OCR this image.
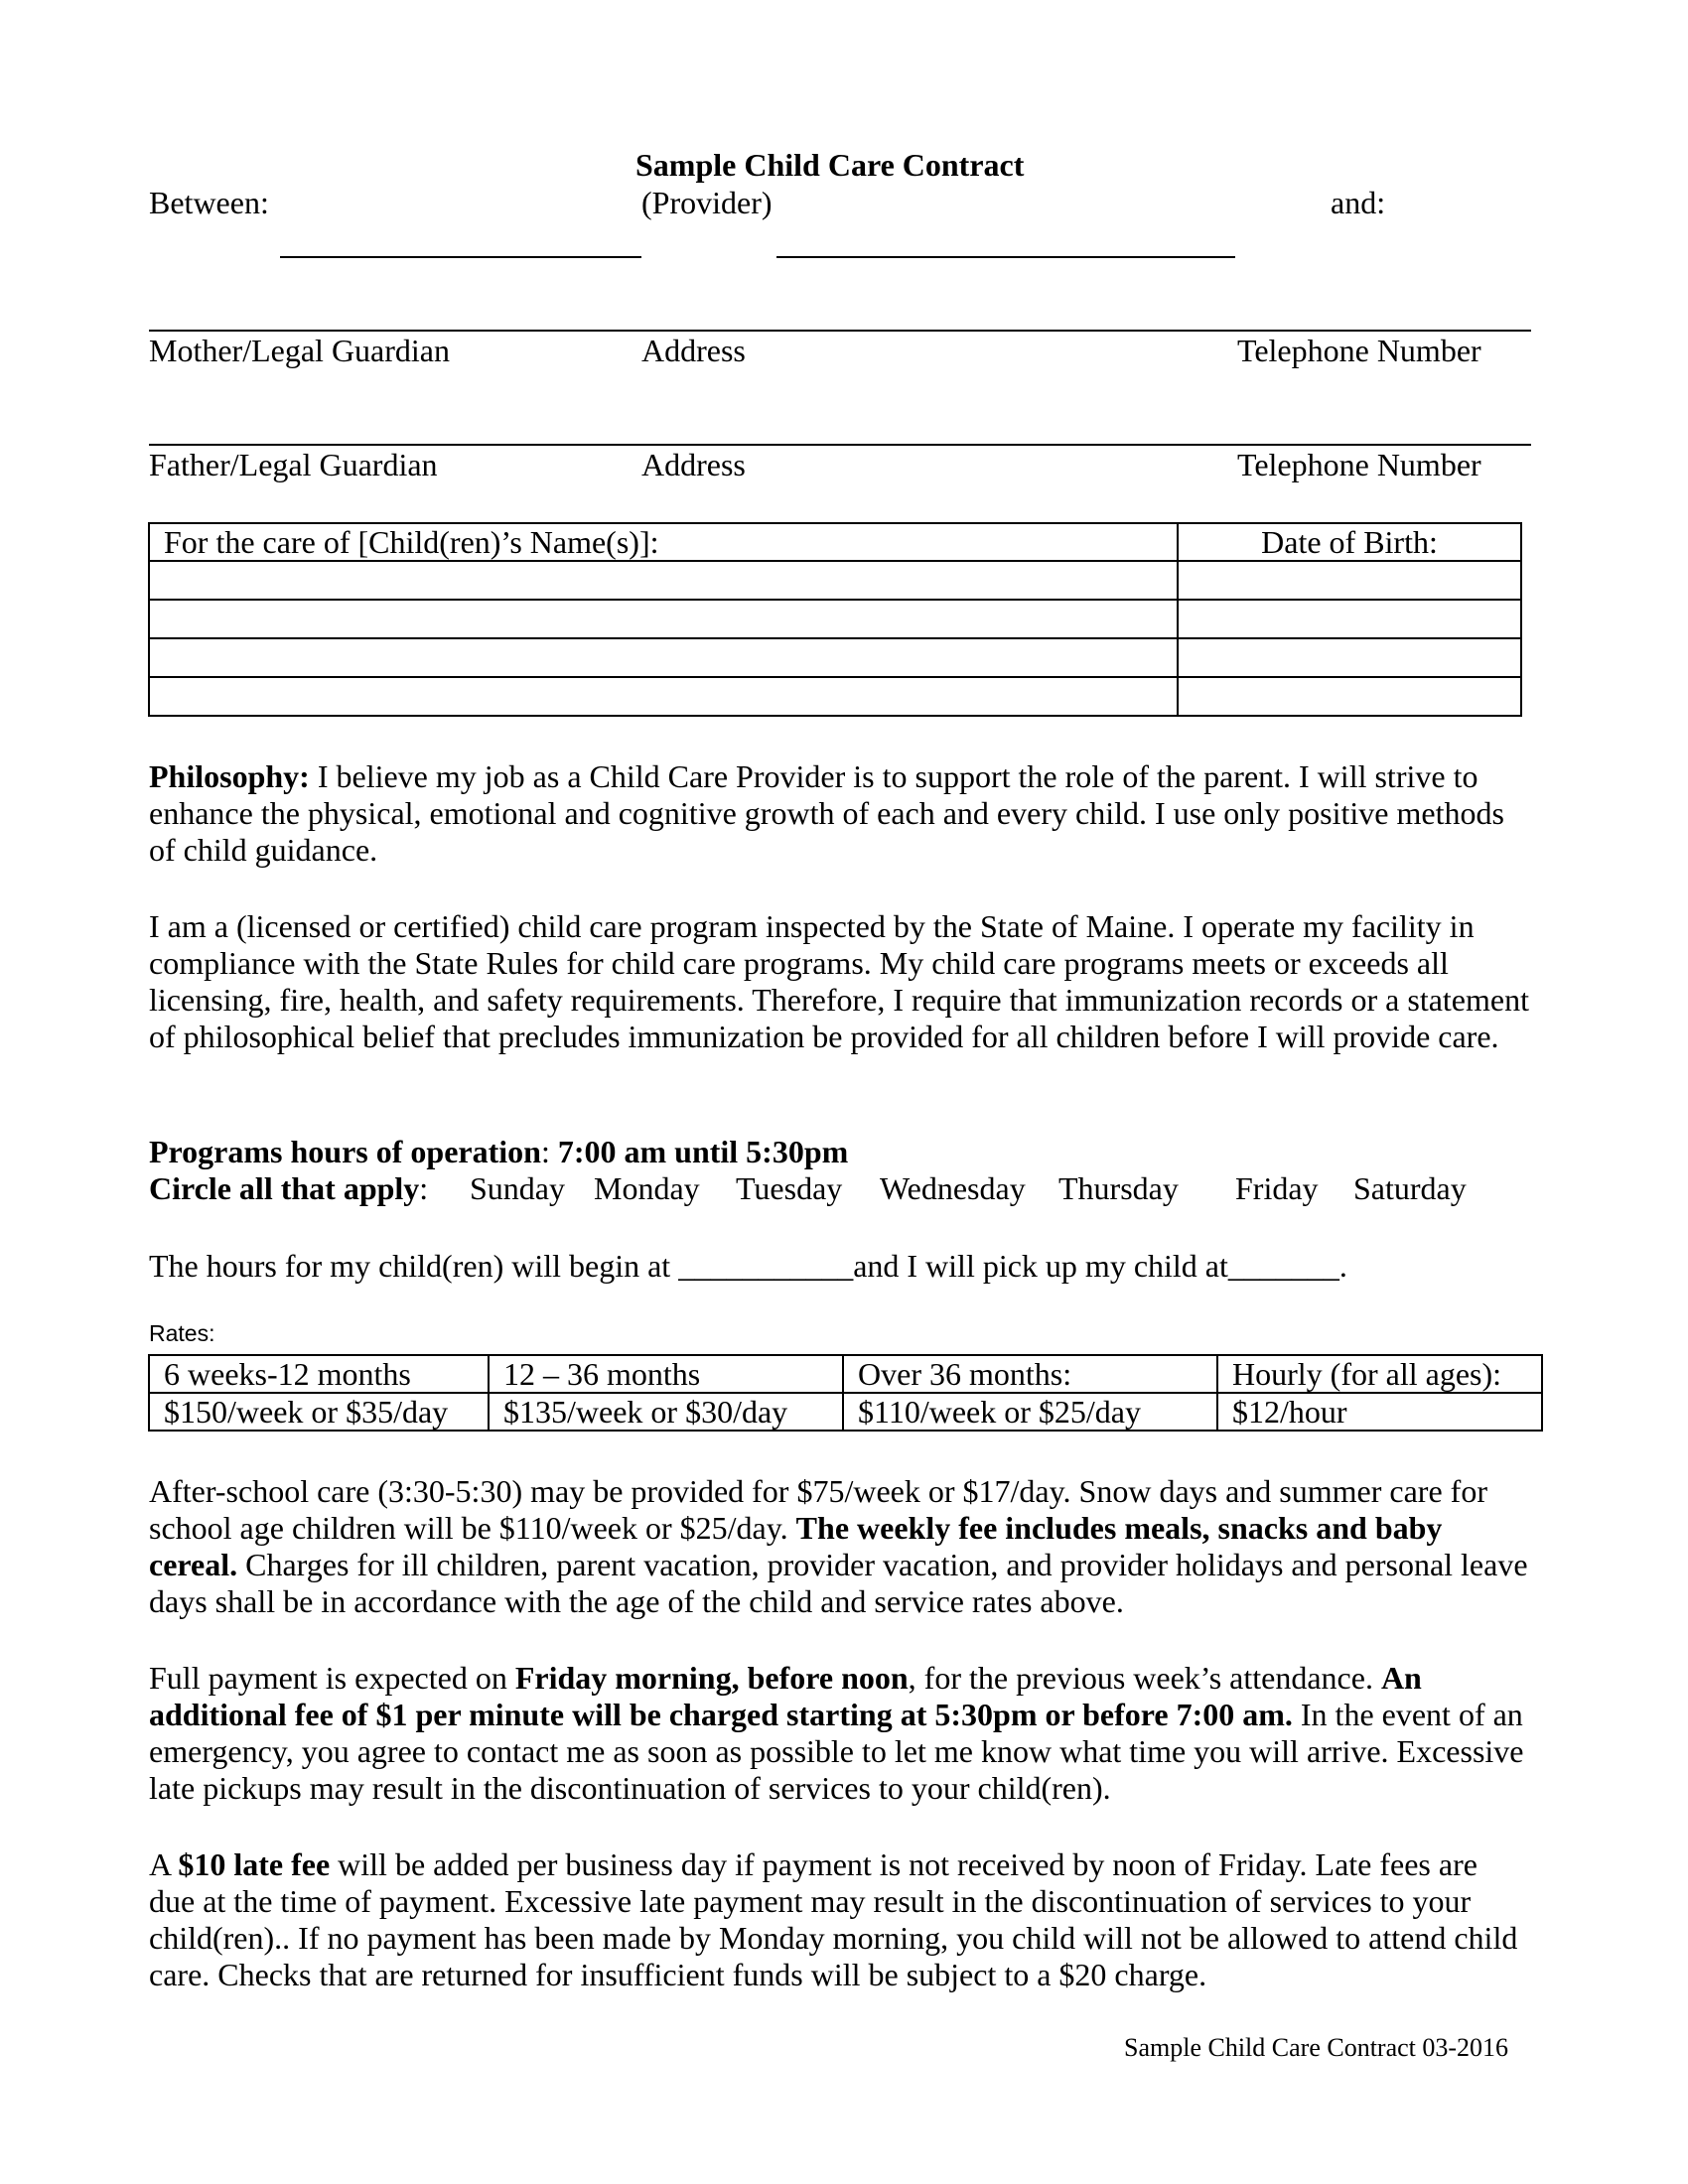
Sample Child Care Contract
Between:	(Provider)	and:
Mother/Legal Guardian	Address	Telephone Number
Father/Legal Guardian	Address	Telephone Number
For the care of [Child(ren)’s Name(s)]:	Date of Birth:

Philosophy: I believe my job as a Child Care Provider is to support the role of the parent. I will strive to enhance the physical, emotional and cognitive growth of each and every child. I use only positive methods of child guidance.

I am a (licensed or certified) child care program inspected by the State of Maine. I operate my facility in compliance with the State Rules for child care programs. My child care programs meets or exceeds all licensing, fire, health, and safety requirements. Therefore, I require that immunization records or a statement of philosophical belief that precludes immunization be provided for all children before I will provide care.

Programs hours of operation: 7:00 am until 5:30pm
Circle all that apply: Sunday Monday Tuesday Wednesday Thursday Friday Saturday
The hours for my child(ren) will begin at ___________and I will pick up my child at_______.
Rates:
6 weeks-12 months	12 – 36 months	Over 36 months:	Hourly (for all ages):
$150/week or $35/day	$135/week or $30/day	$110/week or $25/day	$12/hour

After-school care (3:30-5:30) may be provided for $75/week or $17/day. Snow days and summer care for school age children will be $110/week or $25/day. The weekly fee includes meals, snacks and baby cereal. Charges for ill children, parent vacation, provider vacation, and provider holidays and personal leave days shall be in accordance with the age of the child and service rates above.

Full payment is expected on Friday morning, before noon, for the previous week’s attendance. An additional fee of $1 per minute will be charged starting at 5:30pm or before 7:00 am. In the event of an emergency, you agree to contact me as soon as possible to let me know what time you will arrive. Excessive late pickups may result in the discontinuation of services to your child(ren).

A $10 late fee will be added per business day if payment is not received by noon of Friday. Late fees are due at the time of payment. Excessive late payment may result in the discontinuation of services to your child(ren).. If no payment has been made by Monday morning, you child will not be allowed to attend child care. Checks that are returned for insufficient funds will be subject to a $20 charge.

Sample Child Care Contract 03-2016
